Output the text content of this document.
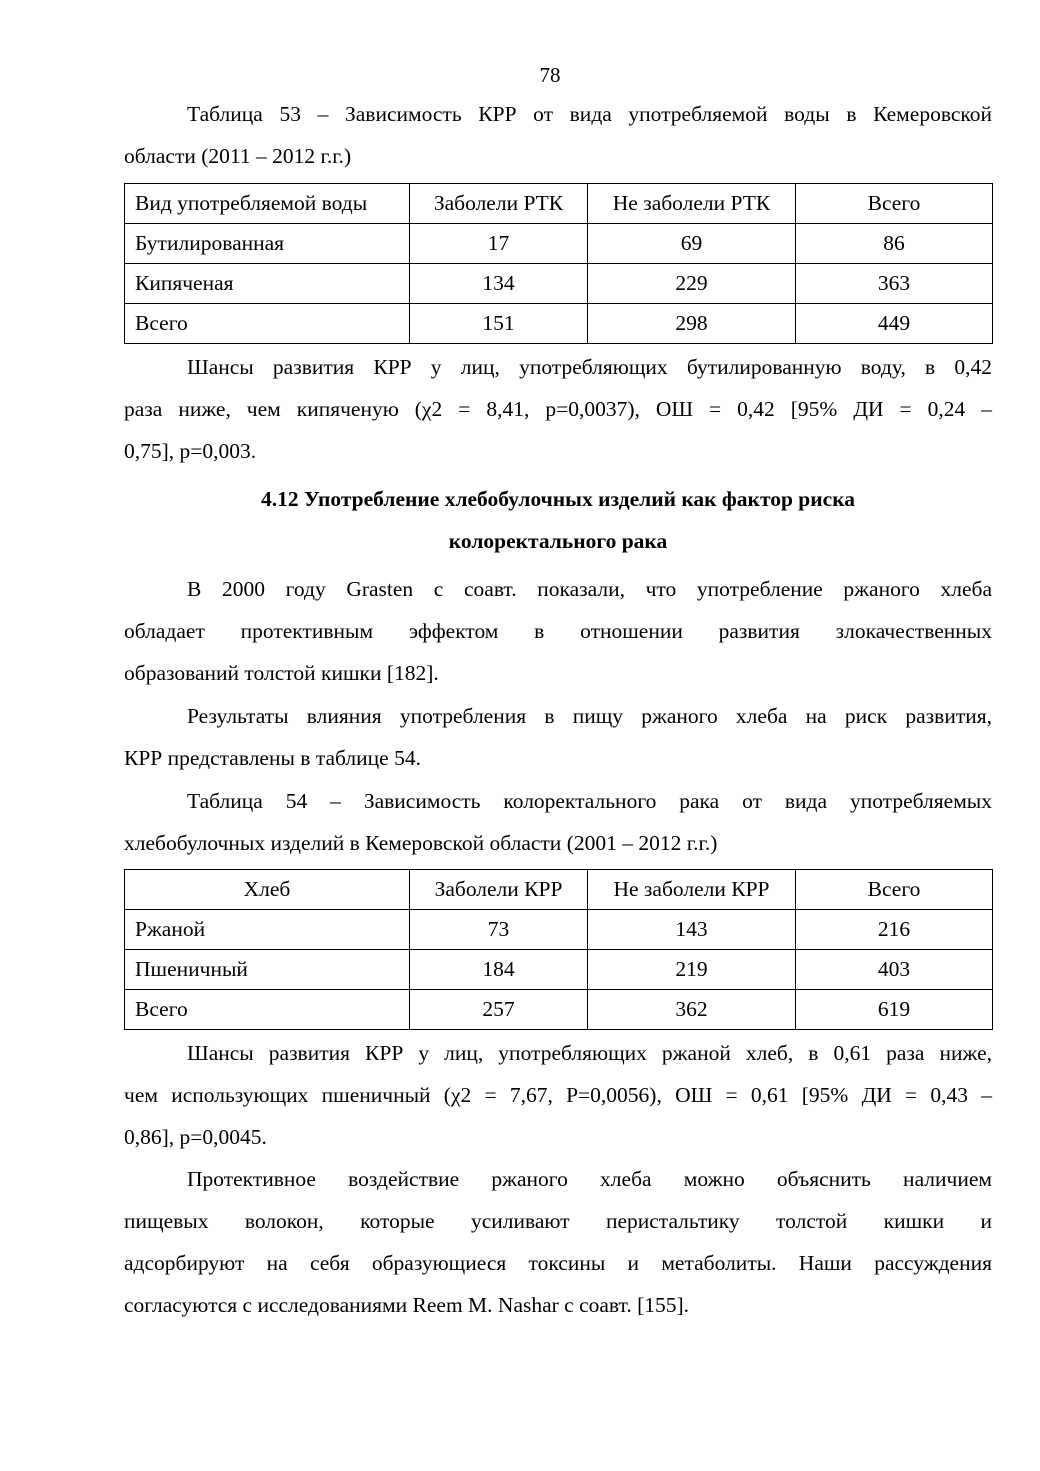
78
Таблица 53 – Зависимость КРР от вида употребляемой воды в Кемеровской
области (2011 – 2012 г.г.)
Вид употребляемой воды	Заболели РТК	Не заболели РТК	Всего
Бутилированная	17	69	86
Кипяченая	134	229	363
Всего	151	298	449
Шансы развития КРР у лиц, употребляющих бутилированную воду, в 0,42
раза ниже, чем кипяченую (χ2 = 8,41, p=0,0037), ОШ = 0,42 [95% ДИ = 0,24 –
0,75], p=0,003.
4.12 Употребление хлебобулочных изделий как фактор риска
колоректального рака
В 2000 году Grasten с соавт. показали, что употребление ржаного хлеба
обладает протективным эффектом в отношении развития злокачественных
образований толстой кишки [182].
Результаты влияния употребления в пищу ржаного хлеба на риск развития,
КРР представлены в таблице 54.
Таблица 54 – Зависимость колоректального рака от вида употребляемых
хлебобулочных изделий в Кемеровской области (2001 – 2012 г.г.)
Хлеб	Заболели КРР	Не заболели КРР	Всего
Ржаной	73	143	216
Пшеничный	184	219	403
Всего	257	362	619
Шансы развития КРР у лиц, употребляющих ржаной хлеб, в 0,61 раза ниже,
чем использующих пшеничный (χ2 = 7,67, P=0,0056), ОШ = 0,61 [95% ДИ = 0,43 –
0,86], p=0,0045.
Протективное воздействие ржаного хлеба можно объяснить наличием
пищевых волокон, которые усиливают перистальтику толстой кишки и
адсорбируют на себя образующиеся токсины и метаболиты. Наши рассуждения
согласуются с исследованиями Reem M. Nashar с соавт. [155].
